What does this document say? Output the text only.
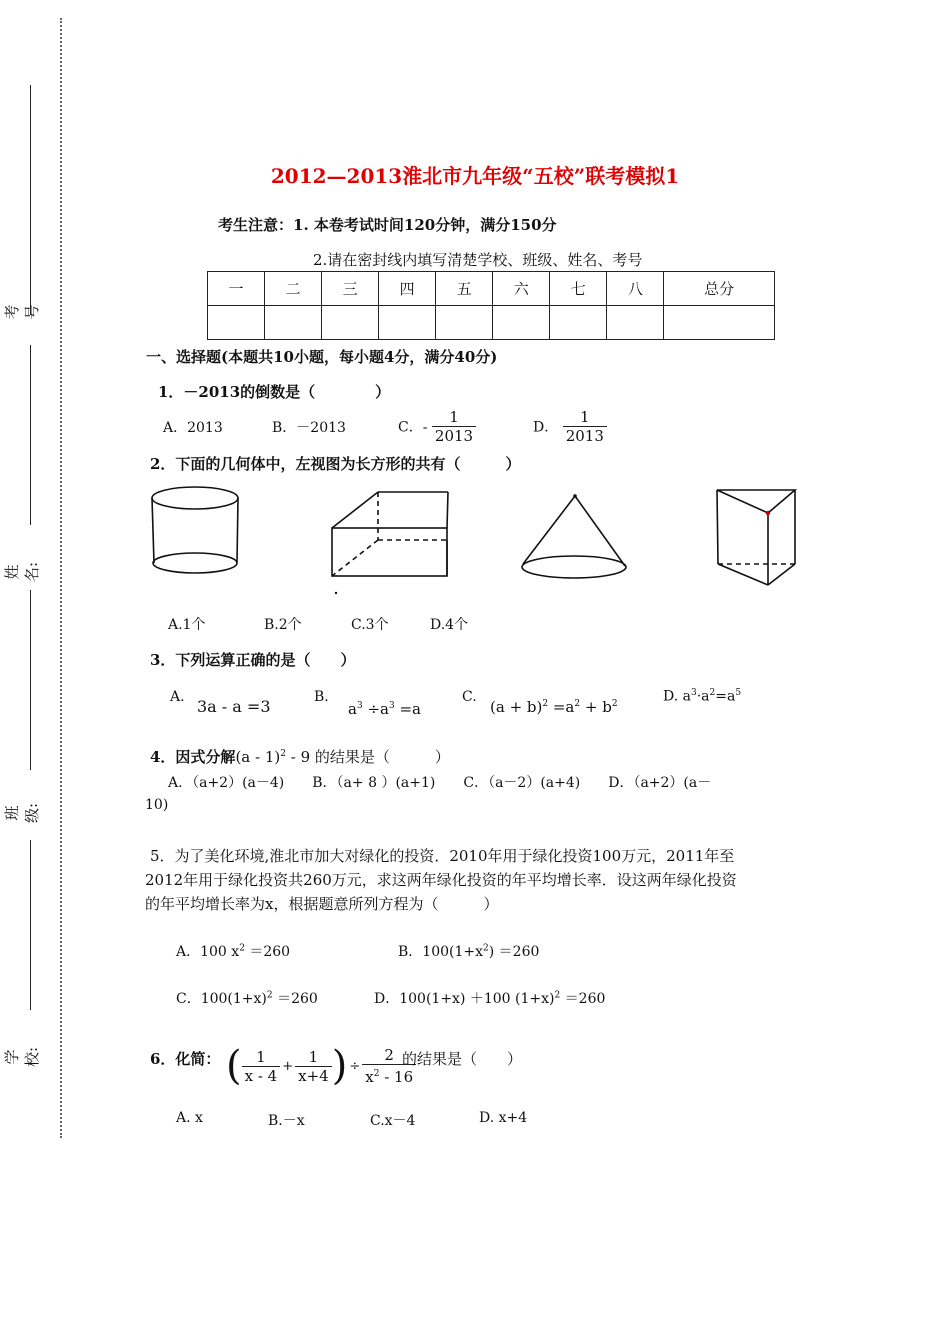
考号
姓名:
班级:
学校:
2012—2013淮北市九年级“五校”联考模拟1
考生注意：1. 本卷考试时间120分钟，满分150分
2.请在密封线内填写清楚学校、班级、姓名、考号
一	二	三	四	五	六	七	八	总分

一、选择题(本题共10小题，每小题4分，满分40分)
1．－2013的倒数是（　　　　）
A．2013	B．－2013	C．- $\frac{1}{2013}$	D． $\frac{1}{2013}$
2．下面的几何体中，左视图为长方形的共有（　　　）
A.1个	B.2个	C.3个	D.4个
3．下列运算正确的是（　　）
A. 3a - a =3	B.
$a^3 \div a^3 =a$
C.
$(a + b)^2 =a^2 + b^2$	D. $a^3\cdot a^2=a^5$
4．因式分解(a - 1)$^2$ - 9 的结果是（　　　）
A．（a+2）(a－4)　　B．（a+ 8 ）(a+1)　　C．（a－2）(a+4)　　D．（a+2）(a－
10)
5．为了美化环境,淮北市加大对绿化的投资．2010年用于绿化投资100万元，2011年至
2012年用于绿化投资共260万元，求这两年绿化投资的年平均增长率．设这两年绿化投资
的年平均增长率为x，根据题意所列方程为（　　　）
A．100 $x^2 =260$	B．$100(1+x^2) =260$
C．$100(1+x)^2 =260$	D．100(1+x) ＋100 $(1+x)^2 =260$
6．化简： ( $\frac{1}{x - 4} + \frac{1}{x+4}$ ) ÷ $\frac{2}{x^2 - 16}$
的结果是（　　）
A. x	B.－x	C.x－4	D. x+4
